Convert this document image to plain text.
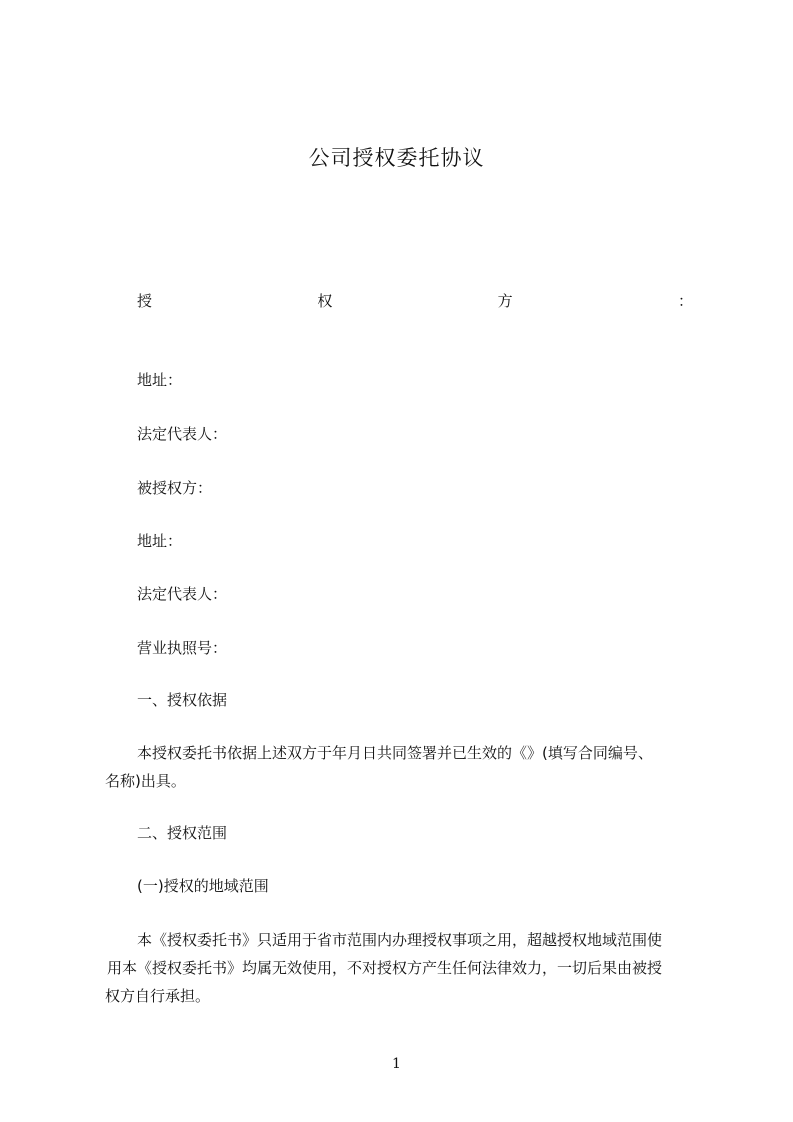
公司授权委托协议
授	权	方	：
地址：
法定代表人：
被授权方：
地址：
法定代表人：
营业执照号：
一、授权依据
本授权委托书依据上述双方于年月日共同签署并已生效的《》(填写合同编号、
名称)出具。
二、授权范围
(一)授权的地域范围
本《授权委托书》只适用于省市范围内办理授权事项之用，超越授权地域范围使
用本《授权委托书》均属无效使用，不对授权方产生任何法律效力，一切后果由被授
权方自行承担。
1
